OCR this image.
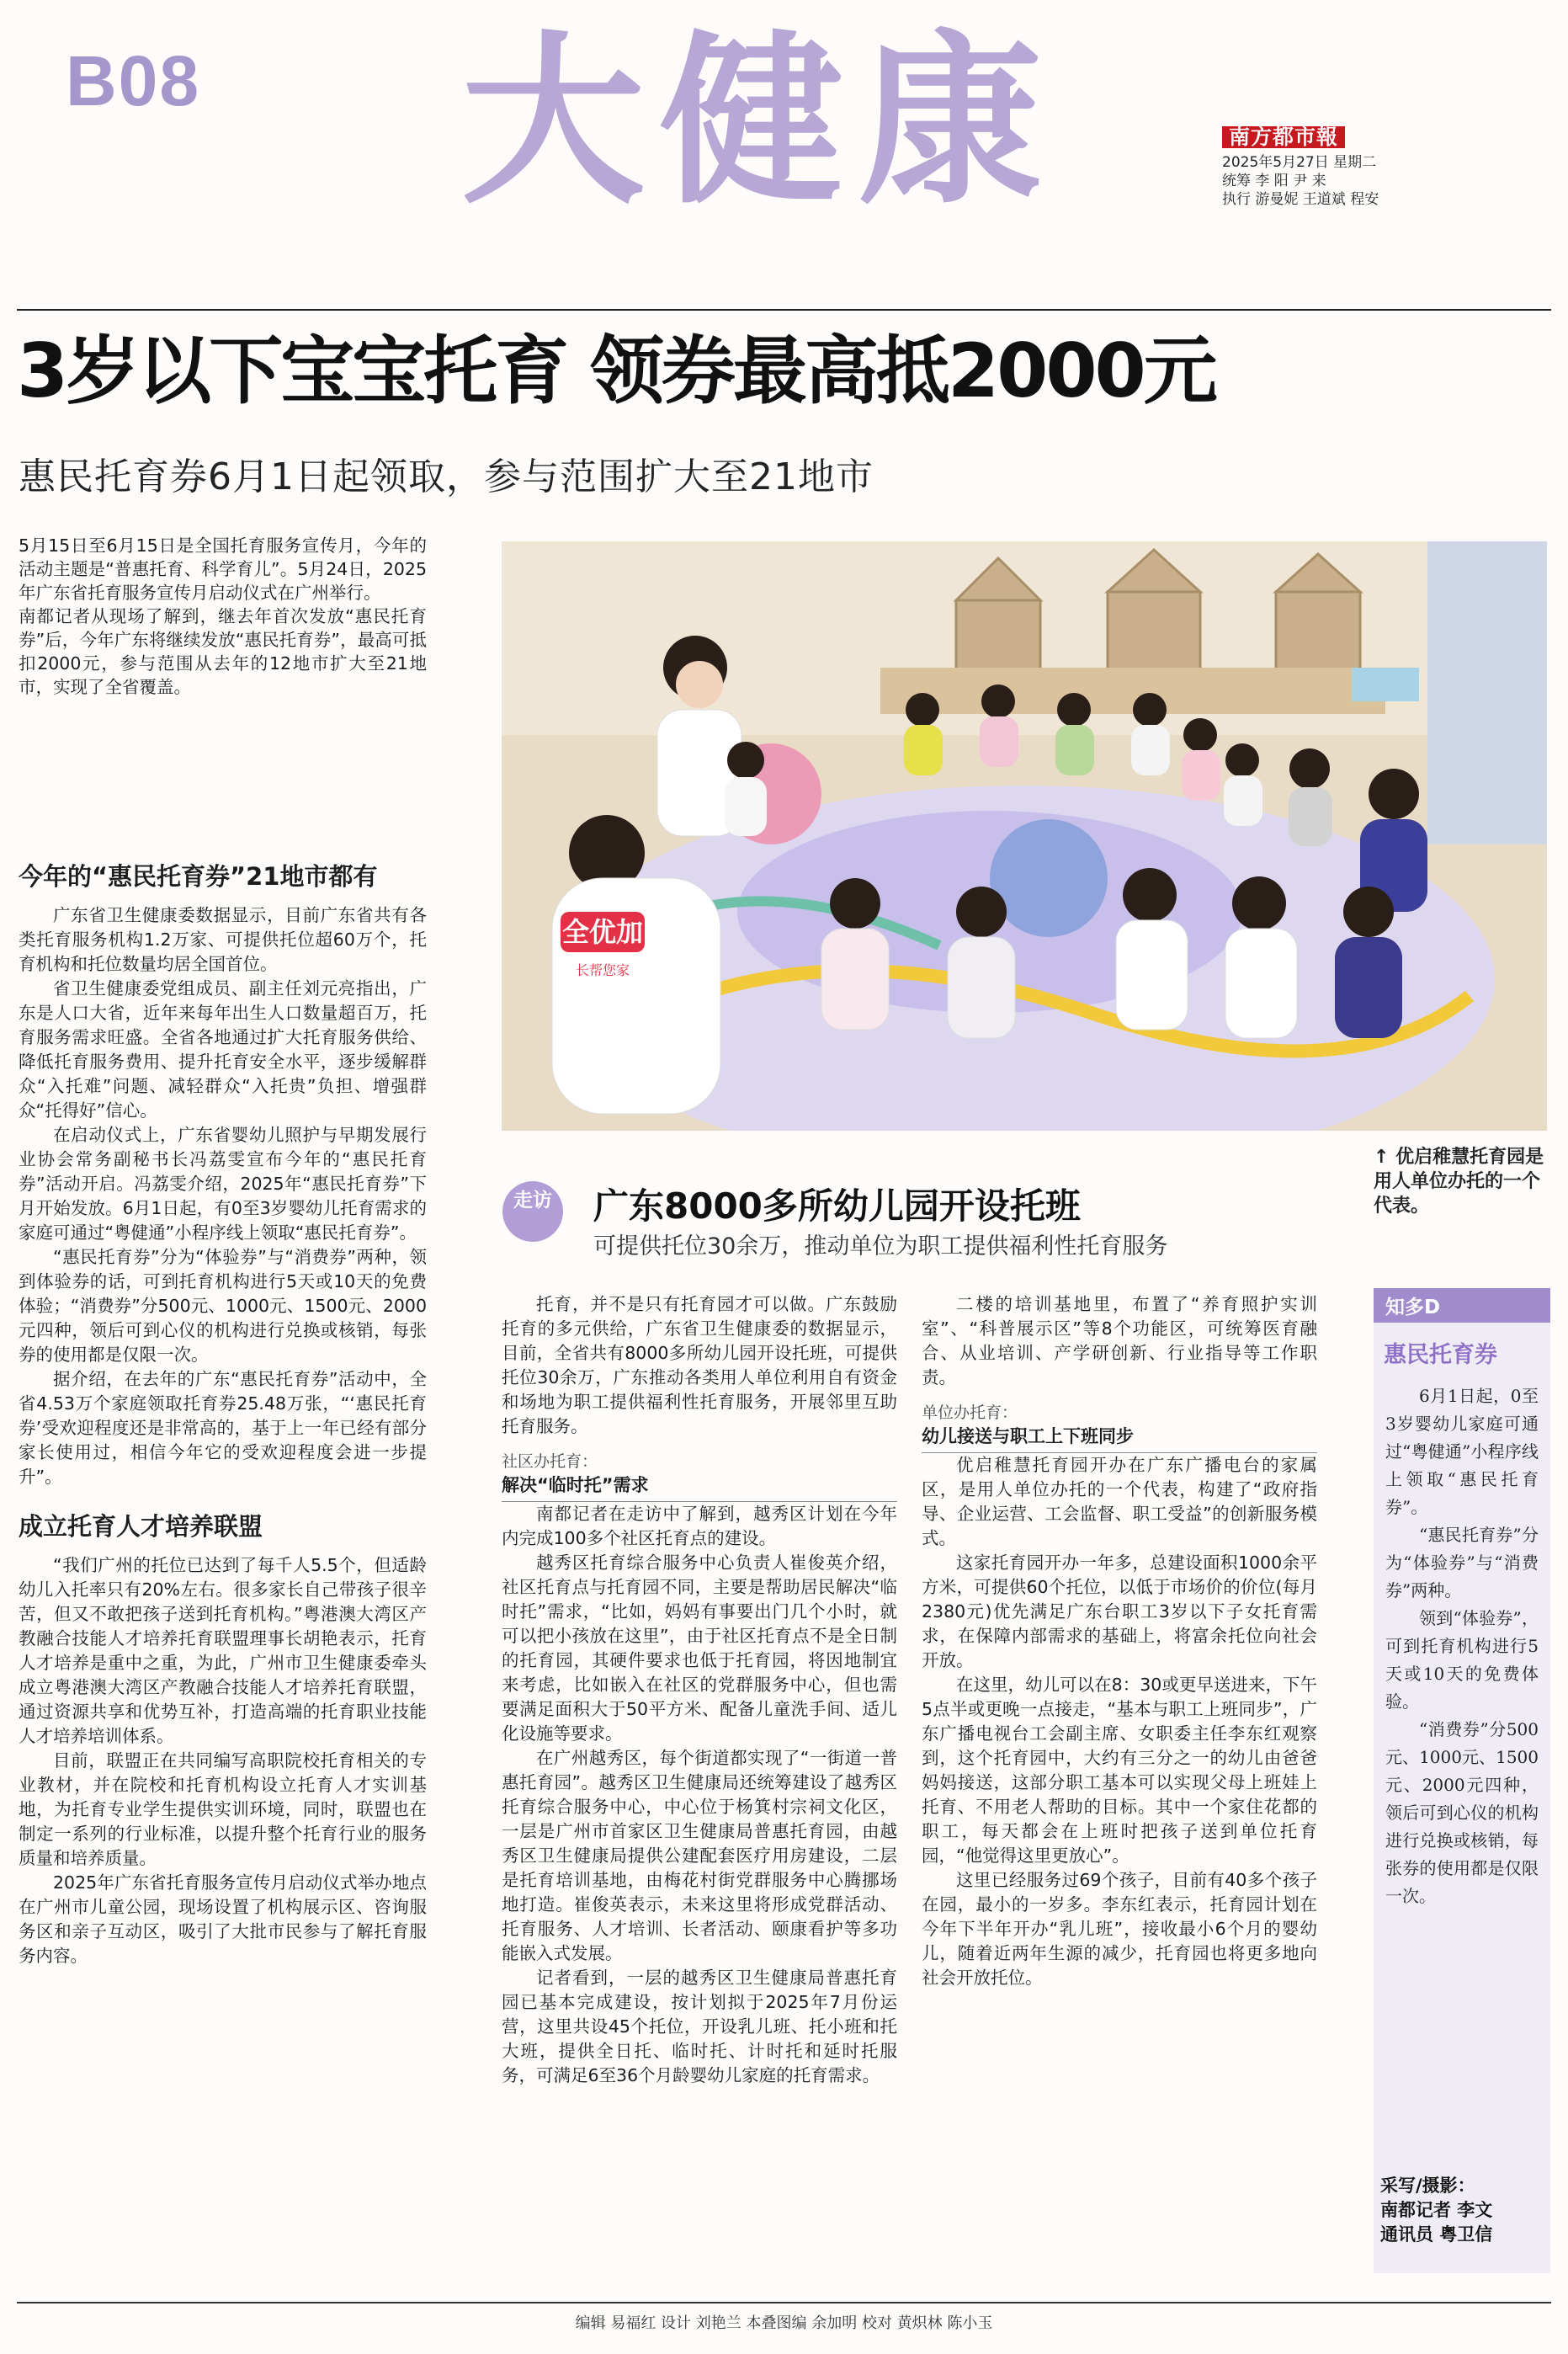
B08 大健康	南方都市報
2025年5月27日 星期二
统筹 李 阳 尹 来
执行 游曼妮 王道斌 程安
3岁以下宝宝托育 领券最高抵2000元
惠民托育券6月1日起领取，参与范围扩大至21地市

5月15日至6月15日是全国托育服务宣传月，今年的活动主题是“普惠托育、科学育儿”。5月24日，2025年广东省托育服务宣传月启动仪式在广州举行。

南都记者从现场了解到，继去年首次发放“惠民托育券”后，今年广东将继续发放“惠民托育券”，最高可抵扣2000元，参与范围从去年的12地市扩大至21地市，实现了全省覆盖。

今年的“惠民托育券”21地市都有

广东省卫生健康委数据显示，目前广东省共有各类托育服务机构1.2万家、可提供托位超60万个，托育机构和托位数量均居全国首位。

省卫生健康委党组成员、副主任刘元亮指出，广东是人口大省，近年来每年出生人口数量超百万，托育服务需求旺盛。全省各地通过扩大托育服务供给、降低托育服务费用、提升托育安全水平，逐步缓解群众“入托难”问题、减轻群众“入托贵”负担、增强群众“托得好”信心。

在启动仪式上，广东省婴幼儿照护与早期发展行业协会常务副秘书长冯荔雯宣布今年的“惠民托育券”活动开启。冯荔雯介绍，2025年“惠民托育券”下月开始发放。6月1日起，有0至3岁婴幼儿托育需求的家庭可通过“粤健通”小程序线上领取“惠民托育券”。

“惠民托育券”分为“体验券”与“消费券”两种，领到体验券的话，可到托育机构进行5天或10天的免费体验；“消费券”分500元、1000元、1500元、2000元四种，领后可到心仪的机构进行兑换或核销，每张券的使用都是仅限一次。

据介绍，在去年的广东“惠民托育券”活动中，全省4.53万个家庭领取托育券25.48万张，“‘惠民托育券’受欢迎程度还是非常高的，基于上一年已经有部分家长使用过，相信今年它的受欢迎程度会进一步提升”。

成立托育人才培养联盟

“我们广州的托位已达到了每千人5.5个，但适龄幼儿入托率只有20%左右。很多家长自己带孩子很辛苦，但又不敢把孩子送到托育机构。”粤港澳大湾区产教融合技能人才培养托育联盟理事长胡艳表示，托育人才培养是重中之重，为此，广州市卫生健康委牵头成立粤港澳大湾区产教融合技能人才培养托育联盟，通过资源共享和优势互补，打造高端的托育职业技能人才培养培训体系。

目前，联盟正在共同编写高职院校托育相关的专业教材，并在院校和托育机构设立托育人才实训基地，为托育专业学生提供实训环境，同时，联盟也在制定一系列的行业标准，以提升整个托育行业的服务质量和培养质量。

2025年广东省托育服务宣传月启动仪式举办地点在广州市儿童公园，现场设置了机构展示区、咨询服务区和亲子互动区，吸引了大批市民参与了解托育服务内容。

全优加
长帮您家
↑ 优启稚慧托育园是用人单位办托的一个代表。
走访	广东8000多所幼儿园开设托班
可提供托位30余万，推动单位为职工提供福利性托育服务

托育，并不是只有托育园才可以做。广东鼓励托育的多元供给，广东省卫生健康委的数据显示，目前，全省共有8000多所幼儿园开设托班，可提供托位30余万，广东推动各类用人单位利用自有资金和场地为职工提供福利性托育服务，开展邻里互助托育服务。

社区办托育：

解决“临时托”需求

南都记者在走访中了解到，越秀区计划在今年内完成100多个社区托育点的建设。

越秀区托育综合服务中心负责人崔俊英介绍，社区托育点与托育园不同，主要是帮助居民解决“临时托”需求，“比如，妈妈有事要出门几个小时，就可以把小孩放在这里”，由于社区托育点不是全日制的托育园，其硬件要求也低于托育园，将因地制宜来考虑，比如嵌入在社区的党群服务中心，但也需要满足面积大于50平方米、配备儿童洗手间、适儿化设施等要求。

在广州越秀区，每个街道都实现了“一街道一普惠托育园”。越秀区卫生健康局还统筹建设了越秀区托育综合服务中心，中心位于杨箕村宗祠文化区，一层是广州市首家区卫生健康局普惠托育园，由越秀区卫生健康局提供公建配套医疗用房建设，二层是托育培训基地，由梅花村街党群服务中心腾挪场地打造。崔俊英表示，未来这里将形成党群活动、托育服务、人才培训、长者活动、颐康看护等多功能嵌入式发展。

记者看到，一层的越秀区卫生健康局普惠托育园已基本完成建设，按计划拟于2025年7月份运营，这里共设45个托位，开设乳儿班、托小班和托大班，提供全日托、临时托、计时托和延时托服务，可满足6至36个月龄婴幼儿家庭的托育需求。

二楼的培训基地里，布置了“养育照护实训室”、“科普展示区”等8个功能区，可统筹医育融合、从业培训、产学研创新、行业指导等工作职责。

单位办托育：

幼儿接送与职工上下班同步

优启稚慧托育园开办在广东广播电台的家属区，是用人单位办托的一个代表，构建了“政府指导、企业运营、工会监督、职工受益”的创新服务模式。

这家托育园开办一年多，总建设面积1000余平方米，可提供60个托位，以低于市场价的价位(每月2380元)优先满足广东台职工3岁以下子女托育需求，在保障内部需求的基础上，将富余托位向社会开放。

在这里，幼儿可以在8：30或更早送进来，下午5点半或更晚一点接走，“基本与职工上班同步”，广东广播电视台工会副主席、女职委主任李东红观察到，这个托育园中，大约有三分之一的幼儿由爸爸妈妈接送，这部分职工基本可以实现父母上班娃上托育、不用老人帮助的目标。其中一个家住花都的职工，每天都会在上班时把孩子送到单位托育园，“他觉得这里更放心”。

这里已经服务过69个孩子，目前有40多个孩子在园，最小的一岁多。李东红表示，托育园计划在今年下半年开办“乳儿班”，接收最小6个月的婴幼儿，随着近两年生源的减少，托育园也将更多地向社会开放托位。

知多D
惠民托育券

6月1日起，0至3岁婴幼儿家庭可通过“粤健通”小程序线上领取“惠民托育券”。

“惠民托育券”分为“体验券”与“消费券”两种。

领到“体验券”，可到托育机构进行5天或10天的免费体验。

“消费券”分500元、1000元、1500元、2000元四种，领后可到心仪的机构进行兑换或核销，每张券的使用都是仅限一次。

采写/摄影：
南都记者 李文
通讯员 粤卫信
编辑 易福红 设计 刘艳兰 本叠图编 余加明 校对 黄炽林 陈小玉
